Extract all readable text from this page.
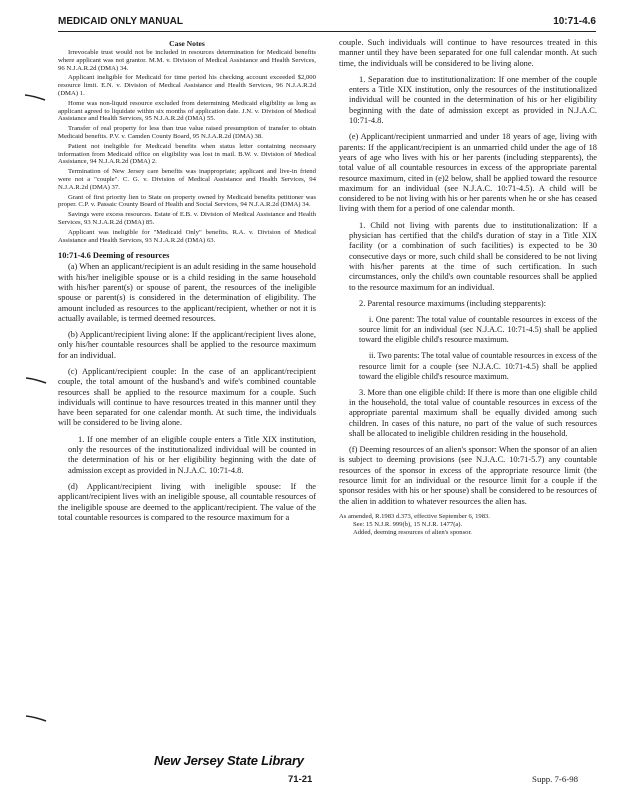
MEDICAID ONLY MANUAL	10:71-4.6

Case Notes

Irrevocable trust would not be included in resources determination for Medicaid benefits where applicant was not grantor. M.M. v. Division of Medical Assistance and Health Services, 96 N.J.A.R.2d (DMA) 34.

Applicant ineligible for Medicaid for time period his checking account exceeded $2,000 resource limit. E.N. v. Division of Medical Assistance and Health Services, 96 N.J.A.R.2d (DMA) 1.

Home was non-liquid resource excluded from determining Medicaid eligibility as long as applicant agreed to liquidate within six months of application date. J.N. v. Division of Medical Assistance and Health Services, 95 N.J.A.R.2d (DMA) 55.

Transfer of real property for less than true value raised presumption of transfer to obtain Medicaid benefits. P.V. v. Camden County Board, 95 N.J.A.R.2d (DMA) 38.

Patient not ineligible for Medicaid benefits when status letter containing necessary information from Medicaid office on eligibility was lost in mail. B.W. v. Division of Medical Assistance, 94 N.J.A.R.2d (DMA) 2.

Termination of New Jersey care benefits was inappropriate; applicant and live-in friend were not a "couple". C. G. v. Division of Medical Assistance and Health Services, 94 N.J.A.R.2d (DMA) 37.

Grant of first priority lien to State on property owned by Medicaid benefits petitioner was proper. C.P. v. Passaic County Board of Health and Social Services, 94 N.J.A.R.2d (DMA) 34.

Savings were excess resources. Estate of E.B. v. Division of Medical Assistance and Health Services, 93 N.J.A.R.2d (DMA) 85.

Applicant was ineligible for "Medicaid Only" benefits. R.A. v. Division of Medical Assistance and Health Services, 93 N.J.A.R.2d (DMA) 63.

10:71-4.6 Deeming of resources

(a) When an applicant/recipient is an adult residing in the same household with his/her ineligible spouse or is a child residing in the same household with his/her parent(s) or spouse of parent, the resources of the ineligible spouse or parent(s) is considered in the determination of eligibility. The amount included as resources to the applicant/recipient, whether or not it is actually available, is termed deemed resources.

(b) Applicant/recipient living alone: If the applicant/recipient lives alone, only his/her countable resources shall be applied to the resource maximum for an individual.

(c) Applicant/recipient couple: In the case of an applicant/recipient couple, the total amount of the husband's and wife's combined countable resources shall be applied to the resource maximum for a couple. Such individuals will continue to have resources treated in this manner until they have been separated for one calendar month. At such time, the individuals will be considered to be living alone.

1. If one member of an eligible couple enters a Title XIX institution, only the resources of the institutionalized individual will be counted in the determination of his or her eligibility beginning with the date of admission except as provided in N.J.A.C. 10:71-4.8.

(d) Applicant/recipient living with ineligible spouse: If the applicant/recipient lives with an ineligible spouse, all countable resources of the ineligible spouse are deemed to the applicant/recipient. The value of the total countable resources is compared to the resource maximum for a

couple. Such individuals will continue to have resources treated in this manner until they have been separated for one full calendar month. At such time, the individuals will be considered to be living alone.

1. Separation due to institutionalization: If one member of the couple enters a Title XIX institution, only the resources of the institutionalized individual will be counted in the determination of his or her eligibility beginning with the date of admission except as provided in N.J.A.C. 10:71-4.8.

(e) Applicant/recipient unmarried and under 18 years of age, living with parents: If the applicant/recipient is an unmarried child under the age of 18 years of age who lives with his or her parents (including stepparents), the total value of all countable resources in excess of the appropriate parental resource maximum, cited in (e)2 below, shall be applied toward the resource maximum for an individual (see N.J.A.C. 10:71-4.5). A child will be considered to be not living with his or her parents when he or she has ceased living with them for a period of one calendar month.

1. Child not living with parents due to institutionalization: If a physician has certified that the child's duration of stay in a Title XIX facility (or a combination of such facilities) is expected to be 30 consecutive days or more, such child shall be considered to be not living with his/her parents at the time of such certification. In such circumstances, only the child's own countable resources shall be applied to the resource maximum for an individual.

2. Parental resource maximums (including stepparents):

i. One parent: The total value of countable resources in excess of the source limit for an individual (sec N.J.A.C. 10:71-4.5) shall be applied toward the eligible child's resource maximum.

ii. Two parents: The total value of countable resources in excess of the resource limit for a couple (see N.J.A.C. 10:71-4.5) shall be applied toward the eligible child's resource maximum.

3. More than one eligible child: If there is more than one eligible child in the household, the total value of countable resources in excess of the appropriate parental maximum shall be equally divided among such children. In cases of this nature, no part of the value of such resources shall be allocated to ineligible children residing in the household.

(f) Deeming resources of an alien's sponsor: When the sponsor of an alien is subject to deeming provisions (see N.J.A.C. 10:71-5.7) any countable resources of the sponsor in excess of the appropriate resource limit (the resource limit for an individual or the resource limit for a couple if the sponsor resides with his or her spouse) shall be considered to be resources of the alien in addition to whatever resources the alien has.

As amended, R.1983 d.373, effective September 6, 1983.

See: 15 N.J.R. 999(b), 15 N.J.R. 1477(a).

Added, deeming resources of alien's sponsor.

New Jersey State Library
71-21	Supp. 7-6-98
